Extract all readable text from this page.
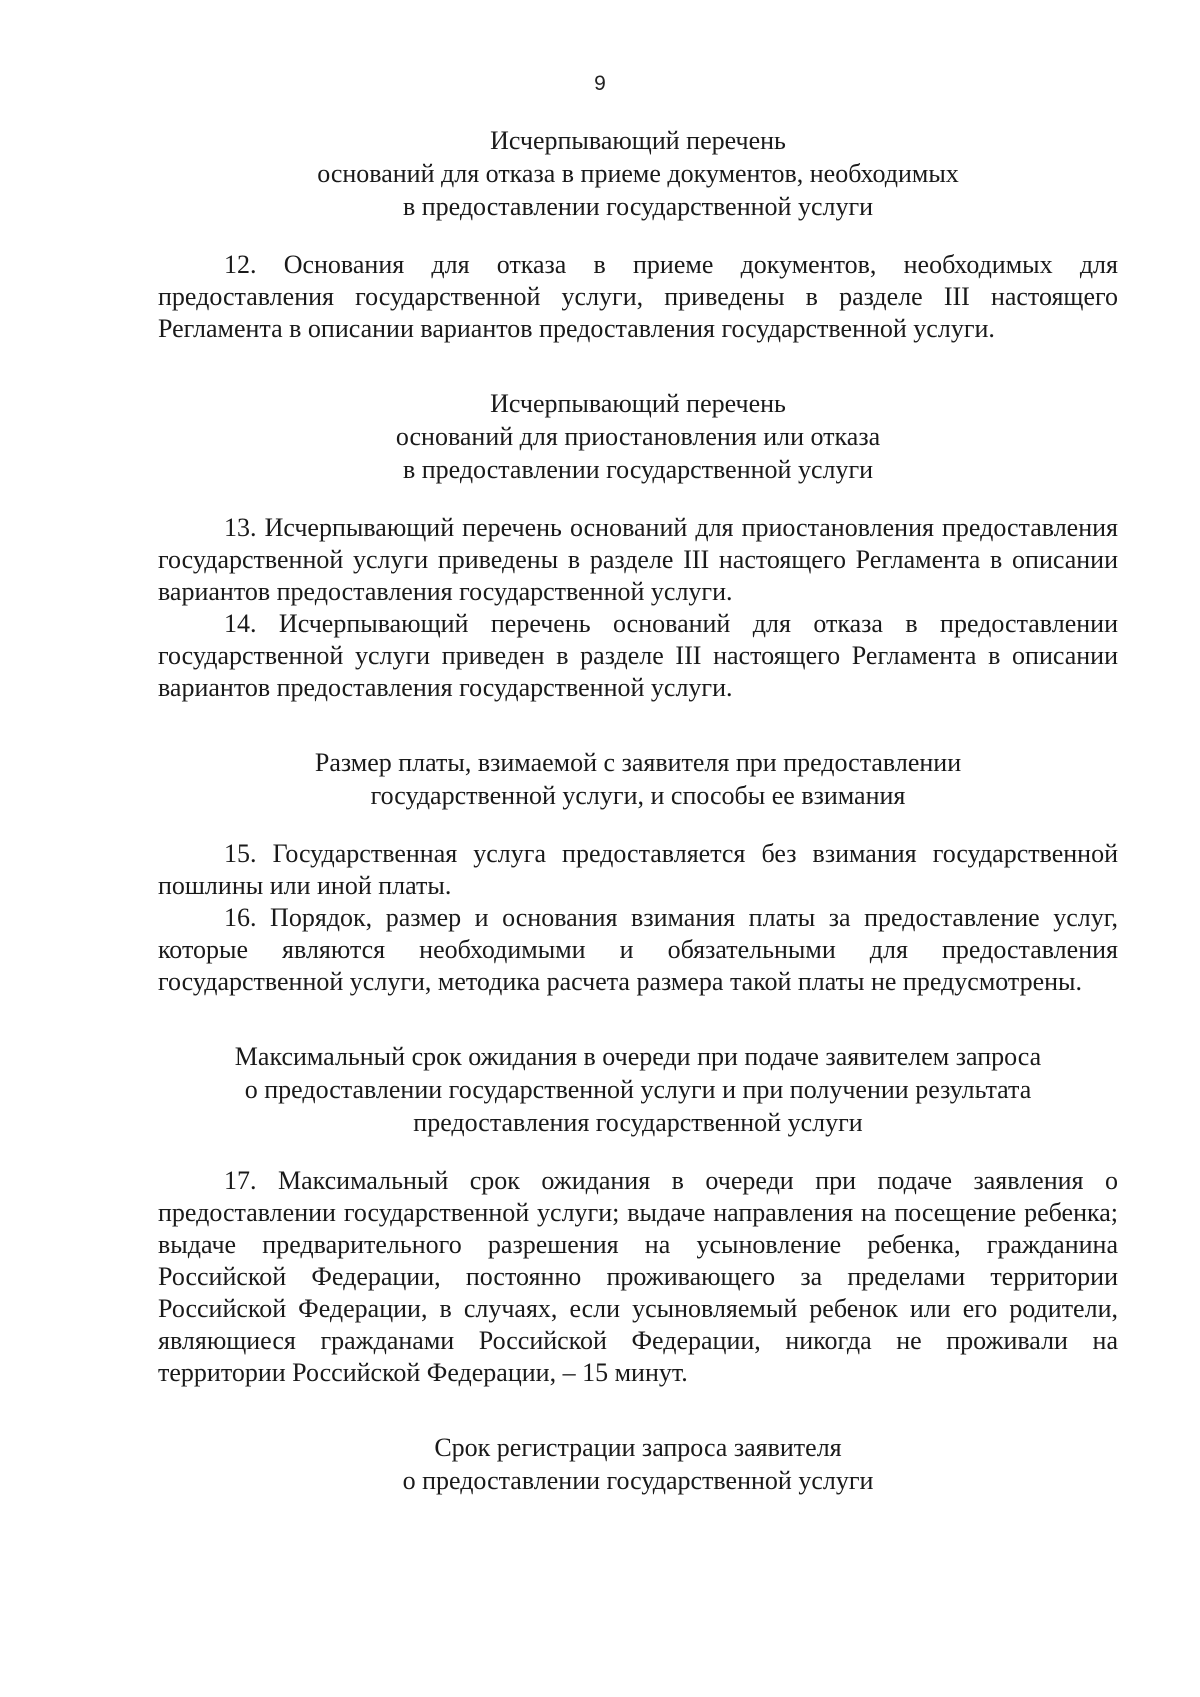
9
Исчерпывающий перечень
оснований для отказа в приеме документов, необходимых
в предоставлении государственной услуги

12. Основания для отказа в приеме документов, необходимых для предоставления государственной услуги, приведены в разделе III настоящего Регламента в описании вариантов предоставления государственной услуги.

Исчерпывающий перечень
оснований для приостановления или отказа
в предоставлении государственной услуги

13. Исчерпывающий перечень оснований для приостановления предоставления государственной услуги приведены в разделе III настоящего Регламента в описании вариантов предоставления государственной услуги.

14. Исчерпывающий перечень оснований для отказа в предоставлении государственной услуги приведен в разделе III настоящего Регламента в описании вариантов предоставления государственной услуги.

Размер платы, взимаемой с заявителя при предоставлении
государственной услуги, и способы ее взимания

15. Государственная услуга предоставляется без взимания государственной пошлины или иной платы.

16. Порядок, размер и основания взимания платы за предоставление услуг, которые являются необходимыми и обязательными для предоставления государственной услуги, методика расчета размера такой платы не предусмотрены.

Максимальный срок ожидания в очереди при подаче заявителем запроса
о предоставлении государственной услуги и при получении результата
предоставления государственной услуги

17. Максимальный срок ожидания в очереди при подаче заявления о предоставлении государственной услуги; выдаче направления на посещение ребенка; выдаче предварительного разрешения на усыновление ребенка, гражданина Российской Федерации, постоянно проживающего за пределами территории Российской Федерации, в случаях, если усыновляемый ребенок или его родители, являющиеся гражданами Российской Федерации, никогда не проживали на территории Российской Федерации, – 15 минут.

Срок регистрации запроса заявителя
о предоставлении государственной услуги
